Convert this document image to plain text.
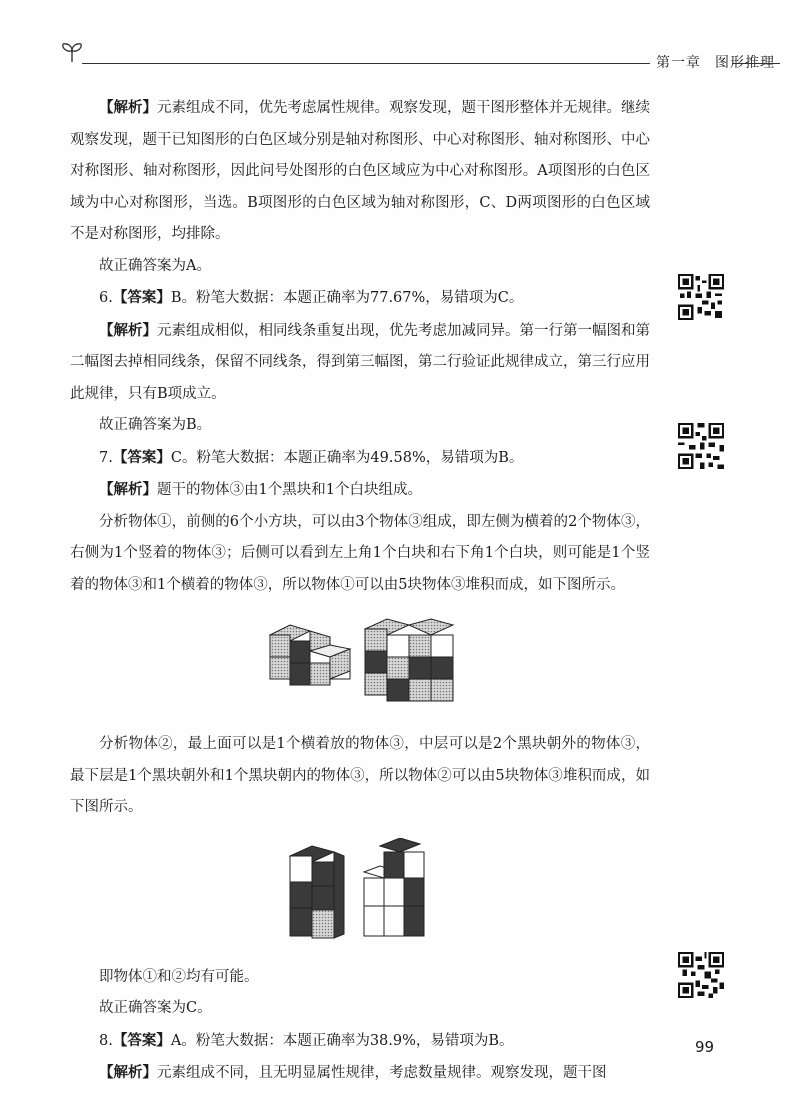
第一章 图形推理

【解析】元素组成不同，优先考虑属性规律。观察发现，题干图形整体并无规律。继续观察发现，题干已知图形的白色区域分别是轴对称图形、中心对称图形、轴对称图形、中心对称图形、轴对称图形，因此问号处图形的白色区域应为中心对称图形。A项图形的白色区域为中心对称图形，当选。B项图形的白色区域为轴对称图形，C、D两项图形的白色区域不是对称图形，均排除。

故正确答案为A。

6.【答案】B。粉笔大数据：本题正确率为77.67%，易错项为C。

【解析】元素组成相似，相同线条重复出现，优先考虑加减同异。第一行第一幅图和第二幅图去掉相同线条，保留不同线条，得到第三幅图，第二行验证此规律成立，第三行应用此规律，只有B项成立。

故正确答案为B。

7.【答案】C。粉笔大数据：本题正确率为49.58%，易错项为B。

【解析】题干的物体③由1个黑块和1个白块组成。

分析物体①，前侧的6个小方块，可以由3个物体③组成，即左侧为横着的2个物体③，右侧为1个竖着的物体③；后侧可以看到左上角1个白块和右下角1个白块，则可能是1个竖着的物体③和1个横着的物体③，所以物体①可以由5块物体③堆积而成，如下图所示。

分析物体②，最上面可以是1个横着放的物体③，中层可以是2个黑块朝外的物体③，最下层是1个黑块朝外和1个黑块朝内的物体③，所以物体②可以由5块物体③堆积而成，如下图所示。

即物体①和②均有可能。

故正确答案为C。

8.【答案】A。粉笔大数据：本题正确率为38.9%，易错项为B。

【解析】元素组成不同，且无明显属性规律，考虑数量规律。观察发现，题干图

99
